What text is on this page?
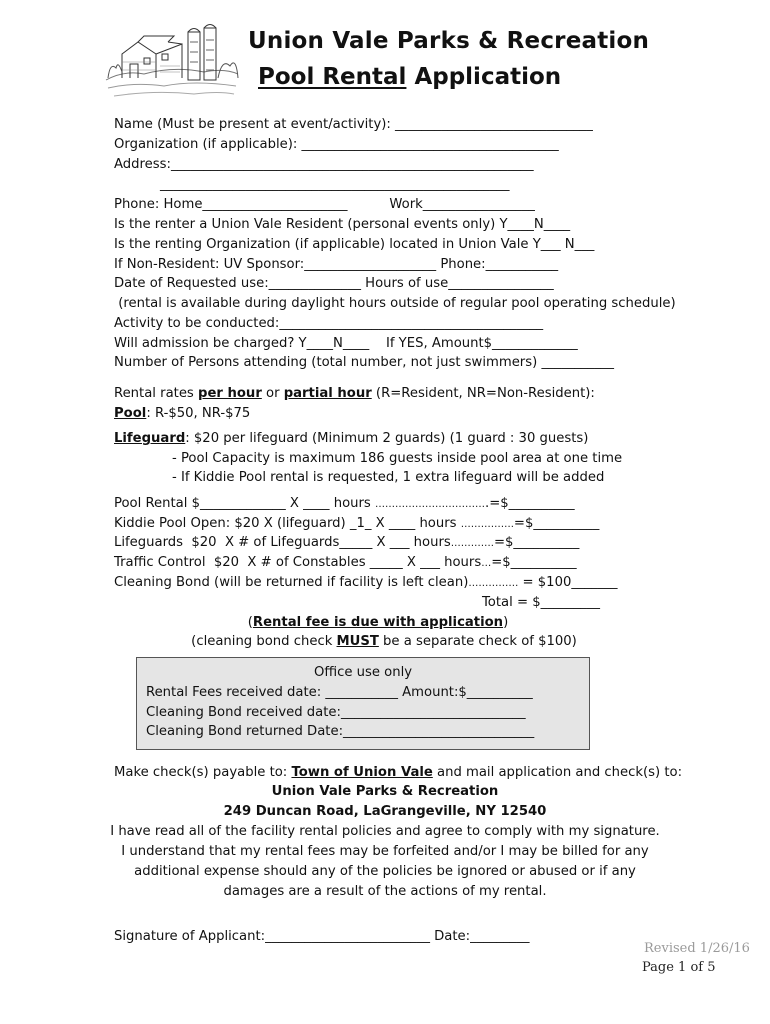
Union Vale Parks & Recreation
Pool Rental Application
Name (Must be present at event/activity): ______________________________
Organization (if applicable): _______________________________________
Address:_______________________________________________________
_____________________________________________________
Phone: Home______________________          Work_________________
Is the renter a Union Vale Resident (personal events only) Y____N____
Is the renting Organization (if applicable) located in Union Vale Y___ N___
If Non-Resident: UV Sponsor:____________________ Phone:___________
Date of Requested use:______________ Hours of use________________
(rental is available during daylight hours outside of regular pool operating schedule)
Activity to be conducted:________________________________________
Will admission be charged? Y____N____    If YES, Amount$_____________
Number of Persons attending (total number, not just swimmers) ___________
Rental rates per hour or partial hour (R=Resident, NR=Non-Resident):
Pool: R-$50, NR-$75
Lifeguard: $20 per lifeguard (Minimum 2 guards) (1 guard : 30 guests)
- Pool Capacity is maximum 186 guests inside pool area at one time
- If Kiddie Pool rental is requested, 1 extra lifeguard will be added
Pool Rental $_____________ X ____ hours …………………………….=$__________
Kiddie Pool Open: $20 X (lifeguard) _1_ X ____ hours …………….=$__________
Lifeguards  $20  X # of Lifeguards_____ X ___ hours………….=$__________
Traffic Control  $20  X # of Constables _____ X ___ hours…=$__________
Cleaning Bond (will be returned if facility is left clean)…………… = $100_______
Total = $_________
(Rental fee is due with application)
(cleaning bond check MUST be a separate check of $100)
Office use only
Rental Fees received date: ___________ Amount:$__________
Cleaning Bond received date:____________________________
Cleaning Bond returned Date:_____________________________
Make check(s) payable to: Town of Union Vale and mail application and check(s) to:
Union Vale Parks & Recreation
249 Duncan Road, LaGrangeville, NY 12540
I have read all of the facility rental policies and agree to comply with my signature.
I understand that my rental fees may be forfeited and/or I may be billed for any
additional expense should any of the policies be ignored or abused or if any
damages are a result of the actions of my rental.
Signature of Applicant:_________________________ Date:_________
Revised 1/26/16
Page 1 of 5
